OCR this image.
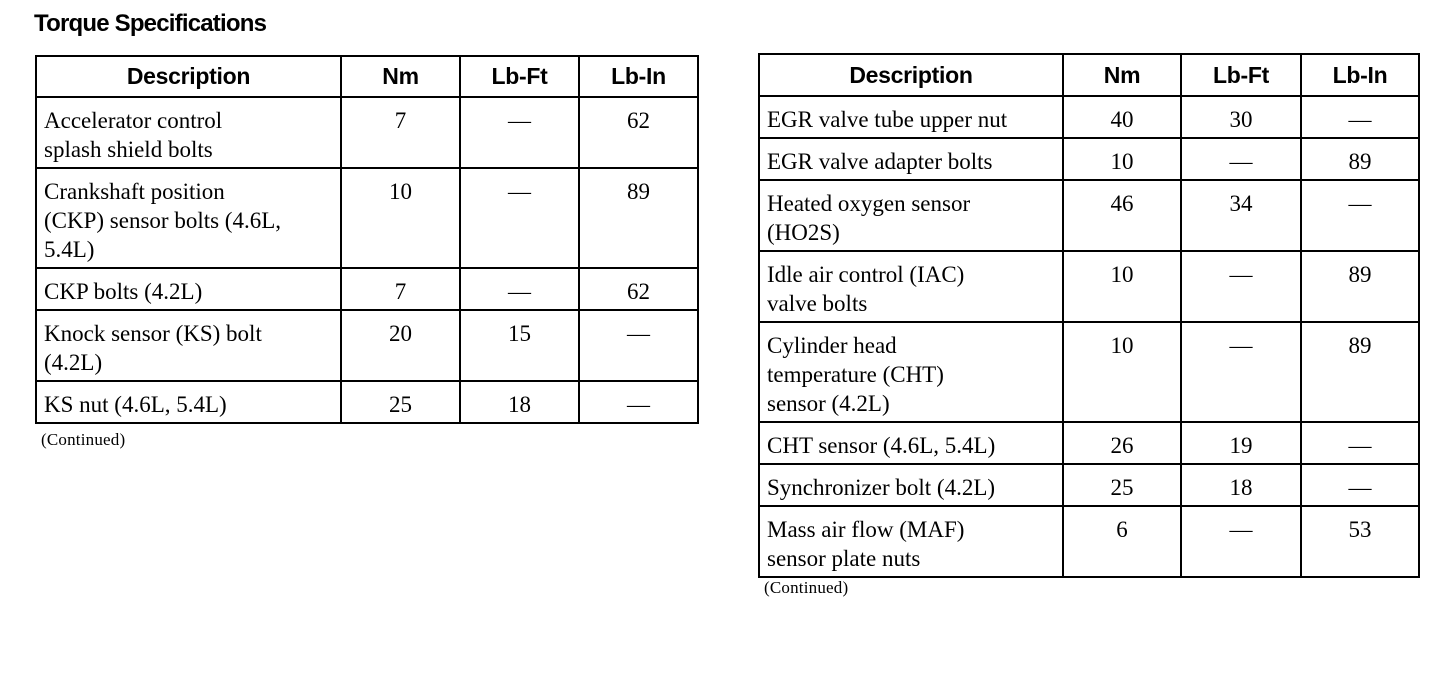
Torque Specifications
Description	Nm	Lb-Ft	Lb-In

Accelerator control
splash shield bolts	7	—	62

Crankshaft position
(CKP) sensor bolts (4.6L,
5.4L)	10	—	89

CKP bolts (4.2L)	7	—	62

Knock sensor (KS) bolt
(4.2L)	20	15	—

KS nut (4.6L, 5.4L)	25	18	—

(Continued)

Description	Nm	Lb-Ft	Lb-In

EGR valve tube upper nut	40	30	—

EGR valve adapter bolts	10	—	89

Heated oxygen sensor
(HO2S)	46	34	—

Idle air control (IAC)
valve bolts	10	—	89

Cylinder head
temperature (CHT)
sensor (4.2L)	10	—	89

CHT sensor (4.6L, 5.4L)	26	19	—

Synchronizer bolt (4.2L)	25	18	—

Mass air flow (MAF)
sensor plate nuts	6	—	53

(Continued)
